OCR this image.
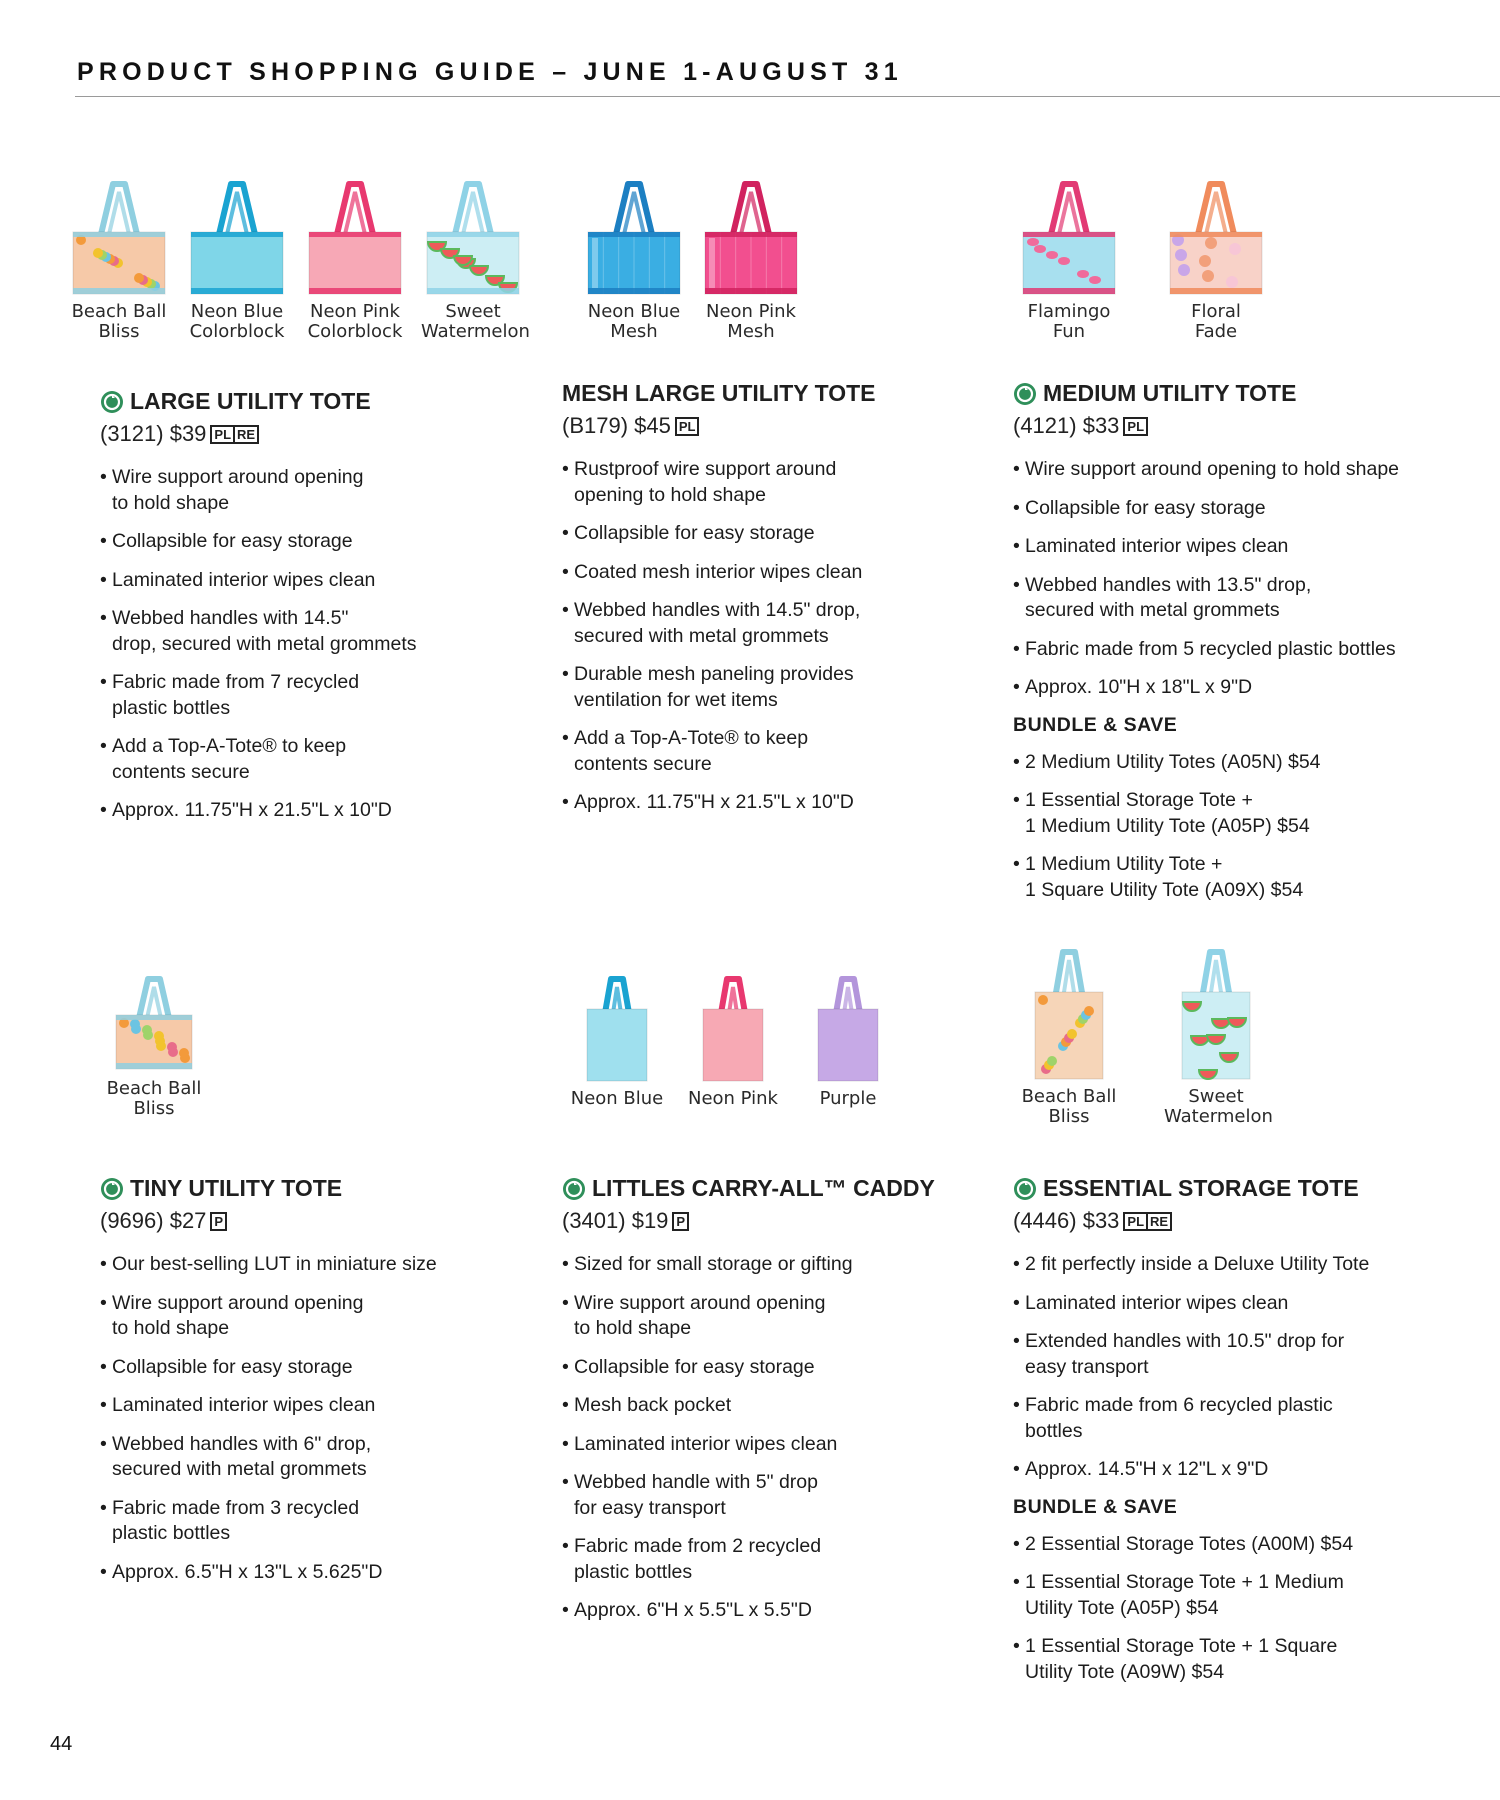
PRODUCT SHOPPING GUIDE – JUNE 1-AUGUST 31
44
Beach Ball
Bliss
Neon Blue
Colorblock
Neon Pink
Colorblock
Sweet
Watermelon
LARGE UTILITY TOTE
(3121) $39 PL RE
• Wire support around opening
to hold shape
• Collapsible for easy storage
• Laminated interior wipes clean
• Webbed handles with 14.5"
drop, secured with metal grommets
• Fabric made from 7 recycled
plastic bottles
• Add a Top-A-Tote® to keep
contents secure
• Approx. 11.75"H x 21.5"L x 10"D
Neon Blue
Mesh
Neon Pink
Mesh
MESH LARGE UTILITY TOTE
(B179) $45 PL
• Rustproof wire support around
opening to hold shape
• Collapsible for easy storage
• Coated mesh interior wipes clean
• Webbed handles with 14.5" drop,
secured with metal grommets
• Durable mesh paneling provides
ventilation for wet items
• Add a Top-A-Tote® to keep
contents secure
• Approx. 11.75"H x 21.5"L x 10"D
Flamingo
Fun
Floral
Fade
MEDIUM UTILITY TOTE
(4121) $33 PL
• Wire support around opening to hold shape
• Collapsible for easy storage
• Laminated interior wipes clean
• Webbed handles with 13.5" drop,
secured with metal grommets
• Fabric made from 5 recycled plastic bottles
• Approx. 10"H x 18"L x 9"D
BUNDLE & SAVE
• 2 Medium Utility Totes (A05N) $54
• 1 Essential Storage Tote +
1 Medium Utility Tote (A05P) $54
• 1 Medium Utility Tote +
1 Square Utility Tote (A09X) $54
Beach Ball
Bliss
TINY UTILITY TOTE
(9696) $27 P
• Our best-selling LUT in miniature size
• Wire support around opening
to hold shape
• Collapsible for easy storage
• Laminated interior wipes clean
• Webbed handles with 6" drop,
secured with metal grommets
• Fabric made from 3 recycled
plastic bottles
• Approx. 6.5"H x 13"L x 5.625"D
Neon Blue	Neon Pink	Purple
LITTLES CARRY-ALL™ CADDY
(3401) $19 P
• Sized for small storage or gifting
• Wire support around opening
to hold shape
• Collapsible for easy storage
• Mesh back pocket
• Laminated interior wipes clean
• Webbed handle with 5" drop
for easy transport
• Fabric made from 2 recycled
plastic bottles
• Approx. 6"H x 5.5"L x 5.5"D
Beach Ball
Bliss
Sweet
Watermelon
ESSENTIAL STORAGE TOTE
(4446) $33 PL RE
• 2 fit perfectly inside a Deluxe Utility Tote
• Laminated interior wipes clean
• Extended handles with 10.5" drop for
easy transport
• Fabric made from 6 recycled plastic
bottles
• Approx. 14.5"H x 12"L x 9"D
BUNDLE & SAVE
• 2 Essential Storage Totes (A00M) $54
• 1 Essential Storage Tote + 1 Medium
Utility Tote (A05P) $54
• 1 Essential Storage Tote + 1 Square
Utility Tote (A09W) $54
